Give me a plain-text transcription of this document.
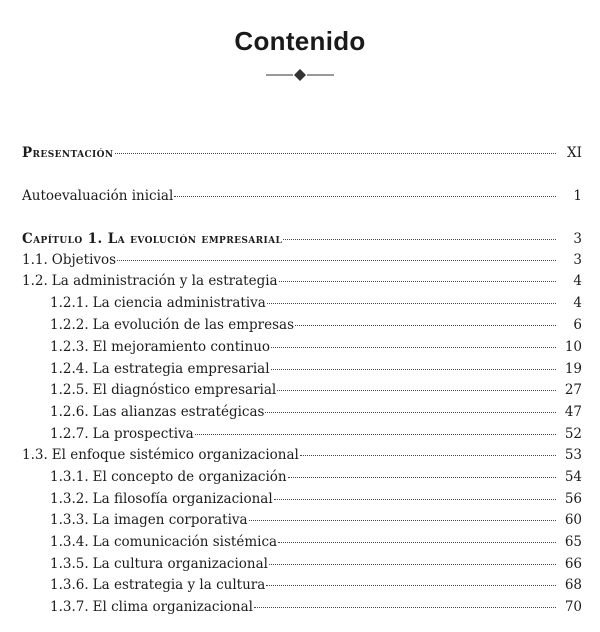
Contenido
Presentación	XI
Autoevaluación inicial	1
Capítulo 1. La evolución empresarial	3
1.1. Objetivos	3
1.2. La administración y la estrategia	4
1.2.1. La ciencia administrativa	4
1.2.2. La evolución de las empresas	6
1.2.3. El mejoramiento continuo	10
1.2.4. La estrategia empresarial	19
1.2.5. El diagnóstico empresarial	27
1.2.6. Las alianzas estratégicas	47
1.2.7. La prospectiva	52
1.3. El enfoque sistémico organizacional	53
1.3.1. El concepto de organización	54
1.3.2. La filosofía organizacional	56
1.3.3. La imagen corporativa	60
1.3.4. La comunicación sistémica	65
1.3.5. La cultura organizacional	66
1.3.6. La estrategia y la cultura	68
1.3.7. El clima organizacional	70
